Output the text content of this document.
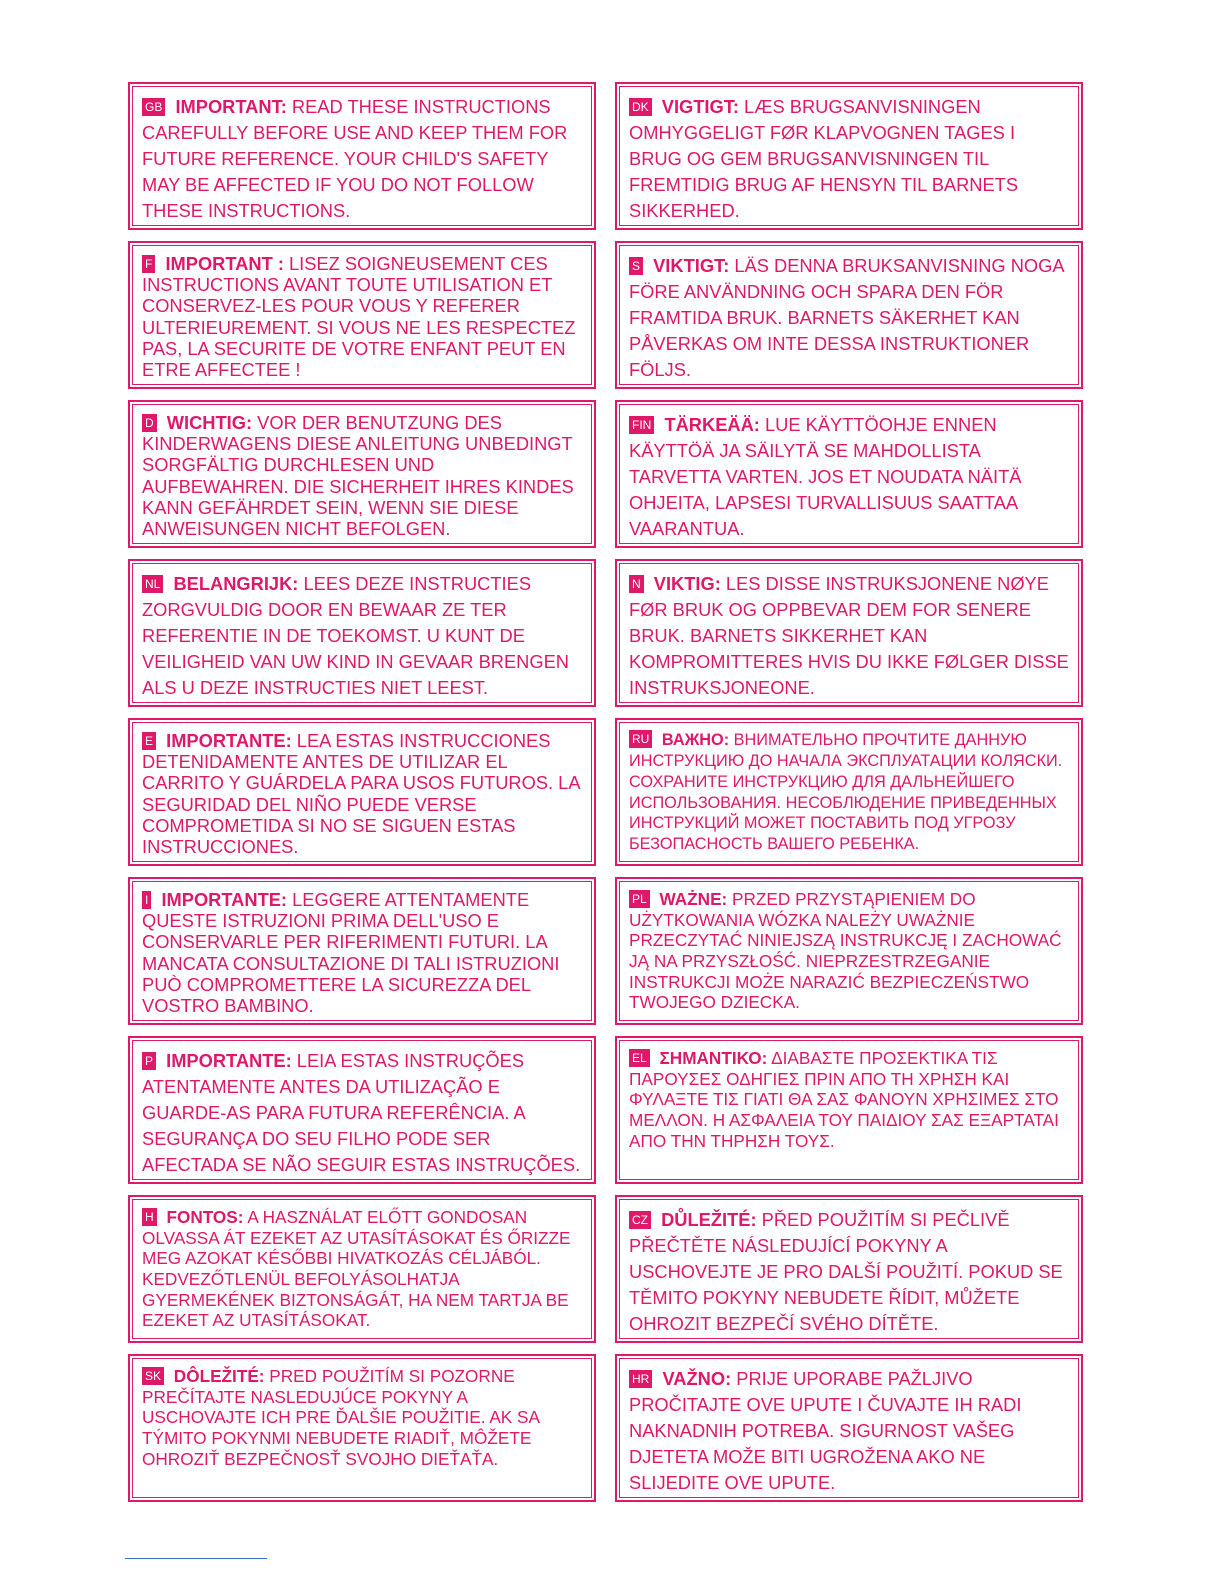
GB IMPORTANT: READ THESE INSTRUCTIONS CAREFULLY BEFORE USE AND KEEP THEM FOR FUTURE REFERENCE. YOUR CHILD'S SAFETY MAY BE AFFECTED IF YOU DO NOT FOLLOW THESE INSTRUCTIONS.
DK VIGTIGT: LÆS BRUGSANVISNINGEN OMHYGGELIGT FØR KLAPVOGNEN TAGES I BRUG OG GEM BRUGSANVISNINGEN TIL FREMTIDIG BRUG AF HENSYN TIL BARNETS SIKKERHED.
F IMPORTANT : LISEZ SOIGNEUSEMENT CES INSTRUCTIONS AVANT TOUTE UTILISATION ET CONSERVEZ-LES POUR VOUS Y REFERER ULTERIEUREMENT. SI VOUS NE LES RESPECTEZ PAS, LA SECURITE DE VOTRE ENFANT PEUT EN ETRE AFFECTEE !
S VIKTIGT: LÄS DENNA BRUKSANVISNING NOGA FÖRE ANVÄNDNING OCH SPARA DEN FÖR FRAMTIDA BRUK. BARNETS SÄKERHET KAN PÅVERKAS OM INTE DESSA INSTRUKTIONER FÖLJS.
D WICHTIG: VOR DER BENUTZUNG DES KINDERWAGENS DIESE ANLEITUNG UNBEDINGT SORGFÄLTIG DURCHLESEN UND AUFBEWAHREN. DIE SICHERHEIT IHRES KINDES KANN GEFÄHRDET SEIN, WENN SIE DIESE ANWEISUNGEN NICHT BEFOLGEN.
FIN TÄRKEÄÄ: LUE KÄYTTÖOHJE ENNEN KÄYTTÖÄ JA SÄILYTÄ SE MAHDOLLISTA TARVETTA VARTEN. JOS ET NOUDATA NÄITÄ OHJEITA, LAPSESI TURVALLISUUS SAATTAA VAARANTUA.
NL BELANGRIJK: LEES DEZE INSTRUCTIES ZORGVULDIG DOOR EN BEWAAR ZE TER REFERENTIE IN DE TOEKOMST. U KUNT DE VEILIGHEID VAN UW KIND IN GEVAAR BRENGEN ALS U DEZE INSTRUCTIES NIET LEEST.
N VIKTIG: LES DISSE INSTRUKSJONENE NØYE FØR BRUK OG OPPBEVAR DEM FOR SENERE BRUK. BARNETS SIKKERHET KAN KOMPROMITTERES HVIS DU IKKE FØLGER DISSE INSTRUKSJONEONE.
E IMPORTANTE: LEA ESTAS INSTRUCCIONES DETENIDAMENTE ANTES DE UTILIZAR EL CARRITO Y GUÁRDELA PARA USOS FUTUROS. LA SEGURIDAD DEL NIÑO PUEDE VERSE COMPROMETIDA SI NO SE SIGUEN ESTAS INSTRUCCIONES.
RU ВАЖНО: ВНИМАТЕЛЬНО ПРОЧТИТЕ ДАННУЮ ИНСТРУКЦИЮ ДО НАЧАЛА ЭКСПЛУАТАЦИИ КОЛЯСКИ. СОХРАНИТЕ ИНСТРУКЦИЮ ДЛЯ ДАЛЬНЕЙШЕГО ИСПОЛЬЗОВАНИЯ. НЕСОБЛЮДЕНИЕ ПРИВЕДЕННЫХ ИНСТРУКЦИЙ МОЖЕТ ПОСТАВИТЬ ПОД УГРОЗУ БЕЗОПАСНОСТЬ ВАШЕГО РЕБЕНКА.
I IMPORTANTE: LEGGERE ATTENTAMENTE QUESTE ISTRUZIONI PRIMA DELL'USO E CONSERVARLE PER RIFERIMENTI FUTURI. LA MANCATA CONSULTAZIONE DI TALI ISTRUZIONI PUÒ COMPROMETTERE LA SICUREZZA DEL VOSTRO BAMBINO.
PL WAŻNE: PRZED PRZYSTĄPIENIEM DO UŻYTKOWANIA WÓZKA NALEŻY UWAŻNIE PRZECZYTAĆ NINIEJSZĄ INSTRUKCJĘ I ZACHOWAĆ JĄ NA PRZYSZŁOŚĆ. NIEPRZESTRZEGANIE INSTRUKCJI MOŻE NARAZIĆ BEZPIECZEŃSTWO TWOJEGO DZIECKA.
P IMPORTANTE: LEIA ESTAS INSTRUÇÕES ATENTAMENTE ANTES DA UTILIZAÇÃO E GUARDE-AS PARA FUTURA REFERÊNCIA. A SEGURANÇA DO SEU FILHO PODE SER AFECTADA SE NÃO SEGUIR ESTAS INSTRUÇÕES.
EL ΣΗΜΑΝΤΙΚΟ: ΔΙΑΒΑΣΤΕ ΠΡΟΣΕΚΤΙΚΑ ΤΙΣ ΠΑΡΟΥΣΕΣ ΟΔΗΓΙΕΣ ΠΡΙΝ ΑΠΟ ΤΗ ΧΡΗΣΗ ΚΑΙ ΦΥΛΑΞΤΕ ΤΙΣ ΓΙΑΤΙ ΘΑ ΣΑΣ ΦΑΝΟΥΝ ΧΡΗΣΙΜΕΣ ΣΤΟ ΜΕΛΛΟΝ. Η ΑΣΦΑΛΕΙΑ ΤΟΥ ΠΑΙΔΙΟΥ ΣΑΣ ΕΞΑΡΤΑΤΑΙ ΑΠΟ ΤΗΝ ΤΗΡΗΣΗ ΤΟΥΣ.
H FONTOS: A HASZNÁLAT ELŐTT GONDOSAN OLVASSA ÁT EZEKET AZ UTASÍTÁSOKAT ÉS ŐRIZZE MEG AZOKAT KÉSŐBBI HIVATKOZÁS CÉLJÁBÓL. KEDVEZŐTLENÜL BEFOLYÁSOLHATJA GYERMEKÉNEK BIZTONSÁGÁT, HA NEM TARTJA BE EZEKET AZ UTASÍTÁSOKAT.
CZ DŮLEŽITÉ: PŘED POUŽITÍM SI PEČLIVĚ PŘEČTĚTE NÁSLEDUJÍCÍ POKYNY A USCHOVEJTE JE PRO DALŠÍ POUŽITÍ. POKUD SE TĚMITO POKYNY NEBUDETE ŘÍDIT, MŮŽETE OHROZIT BEZPEČÍ SVÉHO DÍTĚTE.
SK DÔLEŽITÉ: PRED POUŽITÍM SI POZORNE PREČÍTAJTE NASLEDUJÚCE POKYNY A USCHOVAJTE ICH PRE ĎALŠIE POUŽITIE. AK SA TÝMITO POKYNMI NEBUDETE RIADIŤ, MÔŽETE OHROZIŤ BEZPEČNOSŤ SVOJHO DIEŤAŤA.
HR VAŽNO: PRIJE UPORABE PAŽLJIVO PROČITAJTE OVE UPUTE I ČUVAJTE IH RADI NAKNADNIH POTREBA. SIGURNOST VAŠEG DJETETA MOŽE BITI UGROŽENA AKO NE SLIJEDITE OVE UPUTE.
